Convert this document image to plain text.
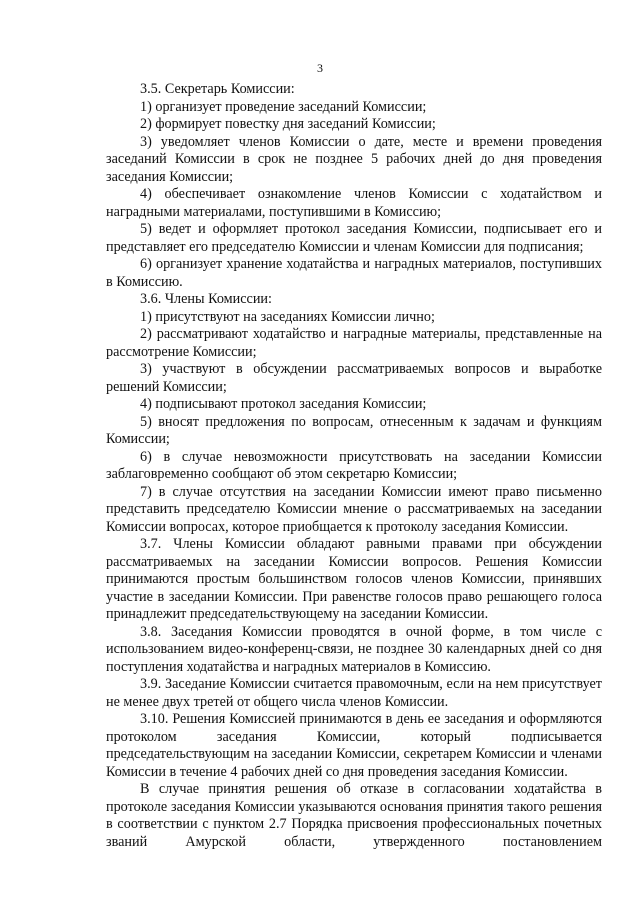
3

3.5. Секретарь Комиссии:

1) организует проведение заседаний Комиссии;

2) формирует повестку дня заседаний Комиссии;

3) уведомляет членов Комиссии о дате, месте и времени проведения заседаний Комиссии в срок не позднее 5 рабочих дней до дня проведения заседания Комиссии;

4) обеспечивает ознакомление членов Комиссии с ходатайством и наградными материалами, поступившими в Комиссию;

5) ведет и оформляет протокол заседания Комиссии, подписывает его и представляет его председателю Комиссии и членам Комиссии для подписания;

6) организует хранение ходатайства и наградных материалов, поступивших в Комиссию.

3.6. Члены Комиссии:

1) присутствуют на заседаниях Комиссии лично;

2) рассматривают ходатайство и наградные материалы, представленные на рассмотрение Комиссии;

3) участвуют в обсуждении рассматриваемых вопросов и выработке решений Комиссии;

4) подписывают протокол заседания Комиссии;

5) вносят предложения по вопросам, отнесенным к задачам и функциям Комиссии;

6) в случае невозможности присутствовать на заседании Комиссии заблаговременно сообщают об этом секретарю Комиссии;

7) в случае отсутствия на заседании Комиссии имеют право письменно представить председателю Комиссии мнение о рассматриваемых на заседании Комиссии вопросах, которое приобщается к протоколу заседания Комиссии.

3.7. Члены Комиссии обладают равными правами при обсуждении рассматриваемых на заседании Комиссии вопросов. Решения Комиссии принимаются простым большинством голосов членов Комиссии, принявших участие в заседании Комиссии. При равенстве голосов право решающего голоса принадлежит председательствующему на заседании Комиссии.

3.8. Заседания Комиссии проводятся в очной форме, в том числе с использованием видео-конференц-связи, не позднее 30 календарных дней со дня поступления ходатайства и наградных материалов в Комиссию.

3.9. Заседание Комиссии считается правомочным, если на нем присутствует не менее двух третей от общего числа членов Комиссии.

3.10. Решения Комиссией принимаются в день ее заседания и оформляются протоколом заседания Комиссии, который подписывается председательствующим на заседании Комиссии, секретарем Комиссии и членами Комиссии в течение 4 рабочих дней со дня проведения заседания Комиссии.

В случае принятия решения об отказе в согласовании ходатайства в протоколе заседания Комиссии указываются основания принятия такого решения в соответствии с пунктом 2.7 Порядка присвоения профессиональных почетных званий Амурской области, утвержденного постановлением
